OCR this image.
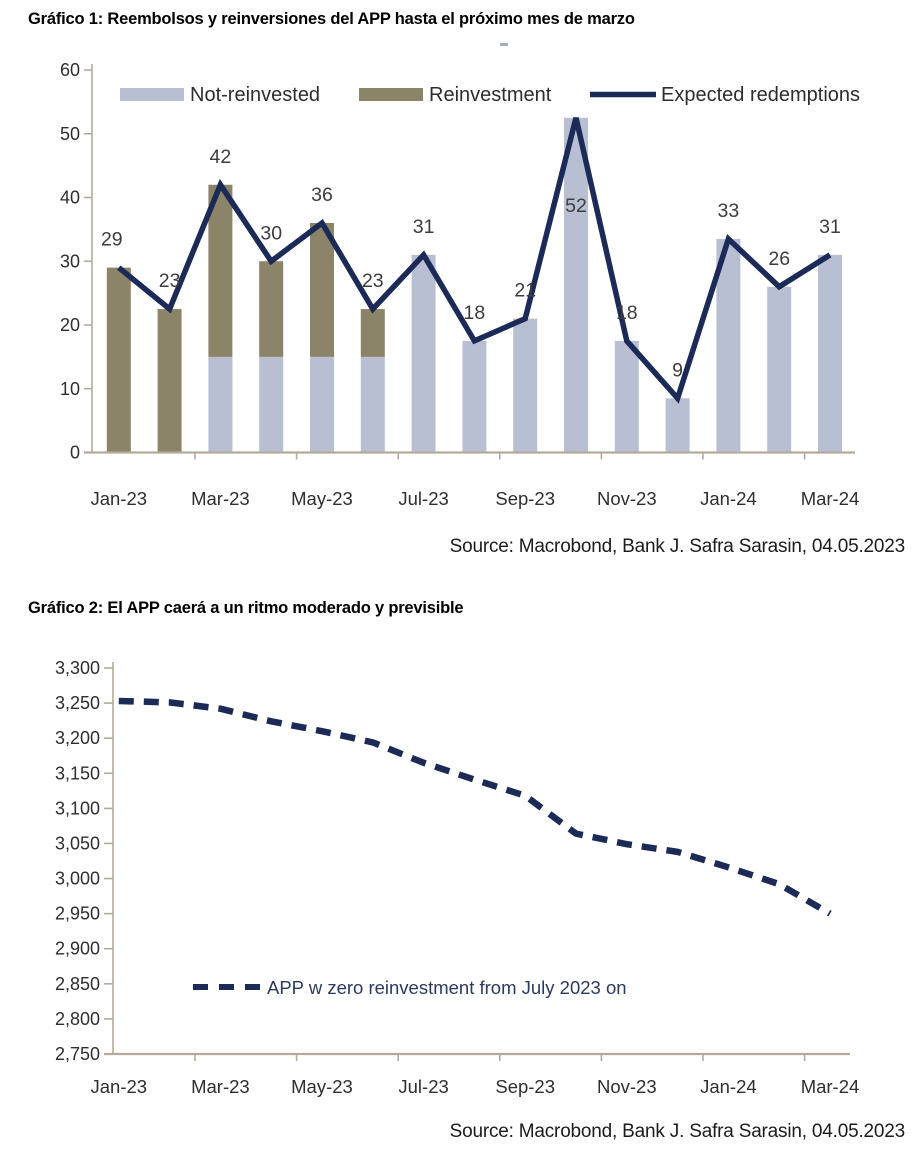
Gráfico 1: Reembolsos y reinversiones del APP hasta el próximo mes de marzo
0
10
20
30
40
50
60
Jan-23 Mar-23 May-23 Jul-23	Sep-23 Nov-23 Jan-24 Mar-24
29
23
42
30
36
23
31
18
21
52
18
9
33
26
31
Not-reinvested	Reinvestment	Expected redemptions
Source: Macrobond, Bank J. Safra Sarasin, 04.05.2023
Gráfico 2: El APP caerá a un ritmo moderado y previsible
3,300
3,250
3,200
3,150
3,100
3,050
3,000
2,950
2,900
2,850
2,800
2,750
Jan-23 Mar-23 May-23 Jul-23	Sep-23 Nov-23 Jan-24 Mar-24
APP w zero reinvestment from July 2023 on
Source: Macrobond, Bank J. Safra Sarasin, 04.05.2023
